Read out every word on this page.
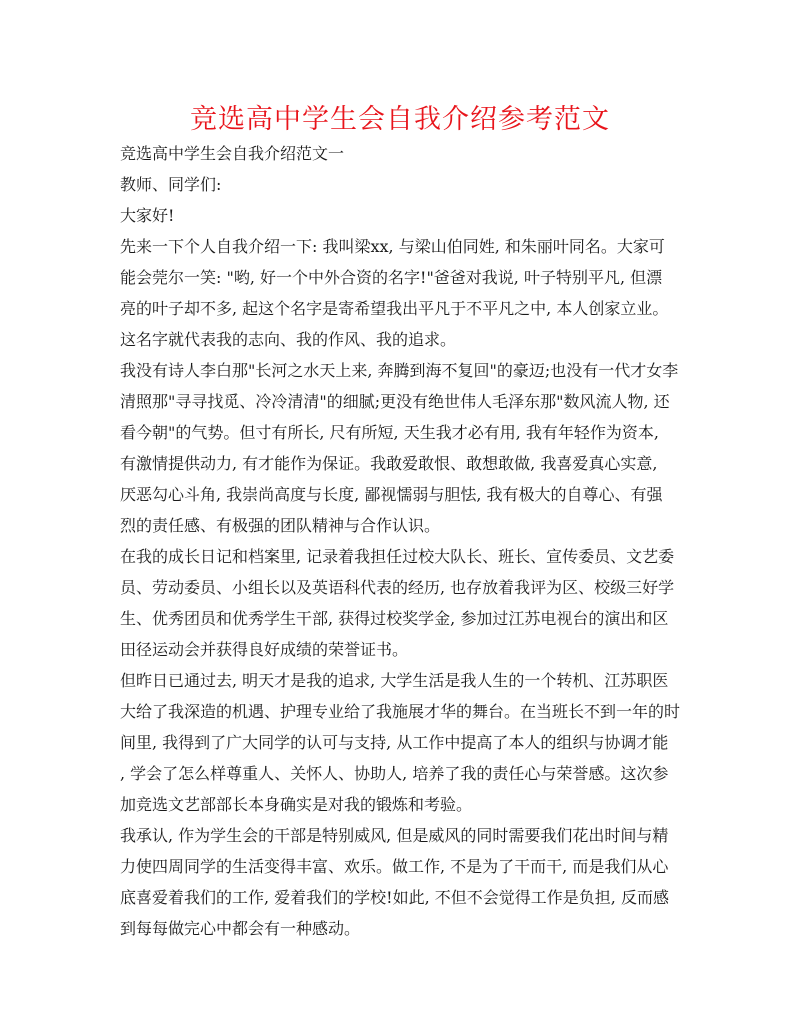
竞选高中学生会自我介绍参考范文

竞选高中学生会自我介绍范文一

教师、同学们:

大家好!

先来一下个人自我介绍一下: 我叫梁xx, 与梁山伯同姓, 和朱丽叶同名。大家可
能会莞尔一笑: "哟, 好一个中外合资的名字!"爸爸对我说, 叶子特别平凡, 但漂
亮的叶子却不多, 起这个名字是寄希望我出平凡于不平凡之中, 本人创家立业。
这名字就代表我的志向、我的作风、我的追求。

我没有诗人李白那"长河之水天上来, 奔腾到海不复回"的豪迈;也没有一代才女李
清照那"寻寻找觅、冷冷清清"的细腻;更没有绝世伟人毛泽东那"数风流人物, 还
看今朝"的气势。但寸有所长, 尺有所短, 天生我才必有用, 我有年轻作为资本,
有激情提供动力, 有才能作为保证。我敢爱敢恨、敢想敢做, 我喜爱真心实意,
厌恶勾心斗角, 我崇尚高度与长度, 鄙视懦弱与胆怯, 我有极大的自尊心、有强
烈的责任感、有极强的团队精神与合作认识。

在我的成长日记和档案里, 记录着我担任过校大队长、班长、宣传委员、文艺委
员、劳动委员、小组长以及英语科代表的经历, 也存放着我评为区、校级三好学
生、优秀团员和优秀学生干部, 获得过校奖学金, 参加过江苏电视台的演出和区
田径运动会并获得良好成绩的荣誉证书。

但昨日已通过去, 明天才是我的追求, 大学生活是我人生的一个转机、江苏职医
大给了我深造的机遇、护理专业给了我施展才华的舞台。在当班长不到一年的时
间里, 我得到了广大同学的认可与支持, 从工作中提高了本人的组织与协调才能
, 学会了怎么样尊重人、关怀人、协助人, 培养了我的责任心与荣誉感。这次参
加竞选文艺部部长本身确实是对我的锻炼和考验。

我承认, 作为学生会的干部是特别威风, 但是威风的同时需要我们花出时间与精
力使四周同学的生活变得丰富、欢乐。做工作, 不是为了干而干, 而是我们从心
底喜爱着我们的工作, 爱着我们的学校!如此, 不但不会觉得工作是负担, 反而感
到每每做完心中都会有一种感动。
